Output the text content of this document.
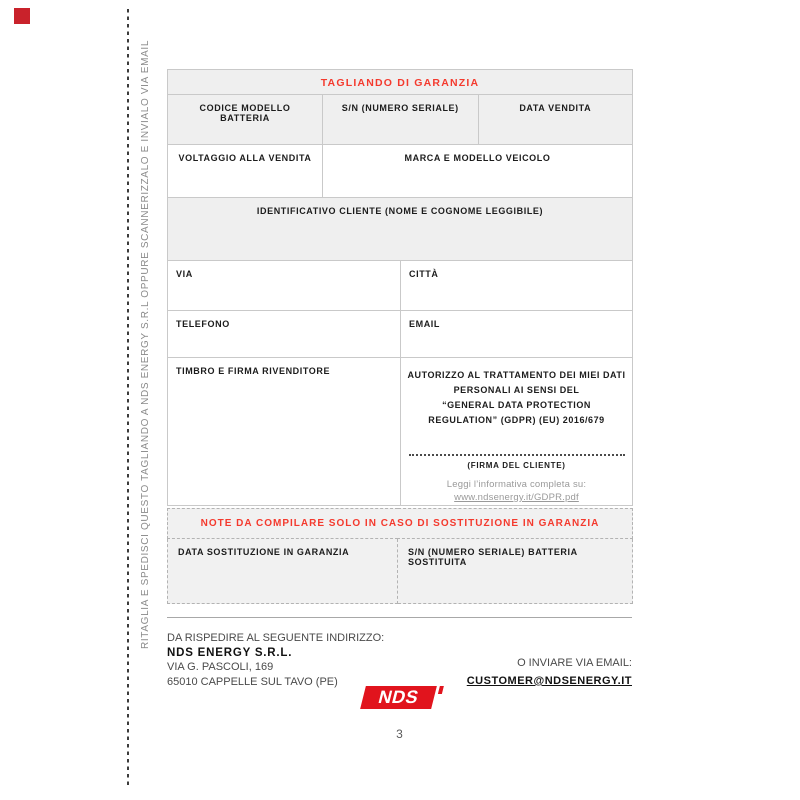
RITAGLIA E SPEDISCI QUESTO TAGLIANDO A NDS ENERGY S.R.L OPPURE SCANNERIZZALO E INVIALO VIA EMAIL	TAGLIANDO DI GARANZIA			
CODICE MODELLO BATTERIA	S/N (NUMERO SERIALE)		DATA VENDITA
VOLTAGGIO ALLA VENDITA	MARCA E MODELLO VEICOLO		
IDENTIFICATIVO CLIENTE (NOME E COGNOME LEGGIBILE)			
VIA		CITTÀ	
TELEFONO		EMAIL	
TIMBRO E FIRMA RIVENDITORE	AUTORIZZO AL TRATTAMENTO DEI MIEI DATI
PERSONALI AI SENSI DEL
“GENERAL DATA PROTECTION
REGULATION” (GDPR) (EU) 2016/679
(FIRMA DEL CLIENTE)
Leggi l’informativa completa su:
www.ndsenergy.it/GDPR.pdf
NOTE DA COMPILARE SOLO IN CASO DI SOSTITUZIONE IN GARANZIA
DATA SOSTITUZIONE IN GARANZIA	S/N (NUMERO SERIALE) BATTERIA SOSTITUITA
DA RISPEDIRE AL SEGUENTE INDIRIZZO:
NDS ENERGY S.R.L.
VIA G. PASCOLI, 169
65010 CAPPELLE SUL TAVO (PE)
O INVIARE VIA EMAIL:
CUSTOMER@NDSENERGY.IT
NDS
3
